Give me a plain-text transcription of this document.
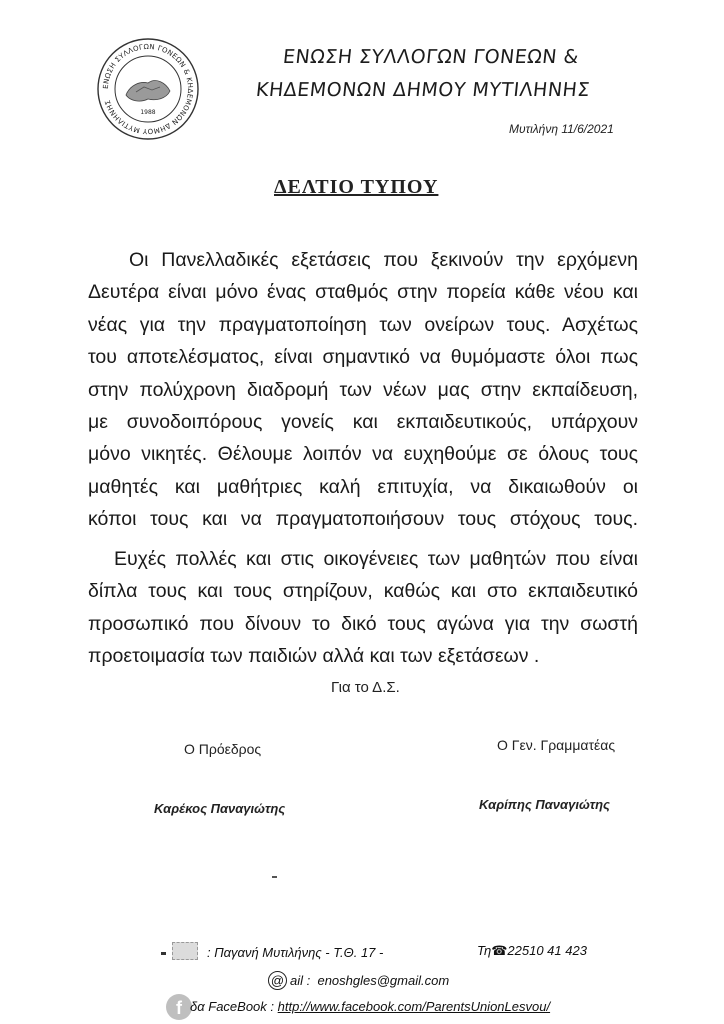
ΕΝΩΣΗ ΣΥΛΛΟΓΩΝ ΓΟΝΕΩΝ & ΚΗΔΕΜΟΝΩΝ ΔΗΜΟΥ ΜΥΤΙΛΗΝΗΣ
1988
ΕΝΩΣΗ ΣΥΛΛΟΓΩΝ ΓΟΝΕΩΝ &
ΚΗΔΕΜΟΝΩΝ ΔΗΜΟΥ ΜΥΤΙΛΗΝΗΣ
Μυτιλήνη 11/6/2021
ΔΕΛΤΙΟ ΤΥΠΟΥ
Οι Πανελλαδικές εξετάσεις που ξεκινούν την ερχόμενη
Δευτέρα είναι μόνο ένας σταθμός στην πορεία κάθε νέου και
νέας για την πραγματοποίηση των ονείρων τους. Ασχέτως
του αποτελέσματος, είναι σημαντικό να θυμόμαστε όλοι πως
στην πολύχρονη διαδρομή των νέων μας στην εκπαίδευση,
με συνοδοιπόρους γονείς και εκπαιδευτικούς, υπάρχουν
μόνο νικητές. Θέλουμε λοιπόν να ευχηθούμε σε όλους τους
μαθητές και μαθήτριες καλή επιτυχία, να δικαιωθούν οι
κόποι τους και να πραγματοποιήσουν τους στόχους τους.
Ευχές πολλές και στις οικογένειες των μαθητών που είναι
δίπλα τους και τους στηρίζουν, καθώς και στο εκπαιδευτικό
προσωπικό που δίνουν το δικό τους αγώνα για την σωστή
προετοιμασία των παιδιών αλλά και των εξετάσεων .
Για το Δ.Σ.
Ο Πρόεδρος	Ο Γεν. Γραμματέας
Καρέκος Παναγιώτης	Καρίπης Παναγιώτης
: Παγανή Μυτιλήνης - Τ.Θ. 17 -	Τη☎22510 41 423
@ ail : enoshgles@gmail.com
f δα FaceBook : http://www.facebook.com/ParentsUnionLesvou/
